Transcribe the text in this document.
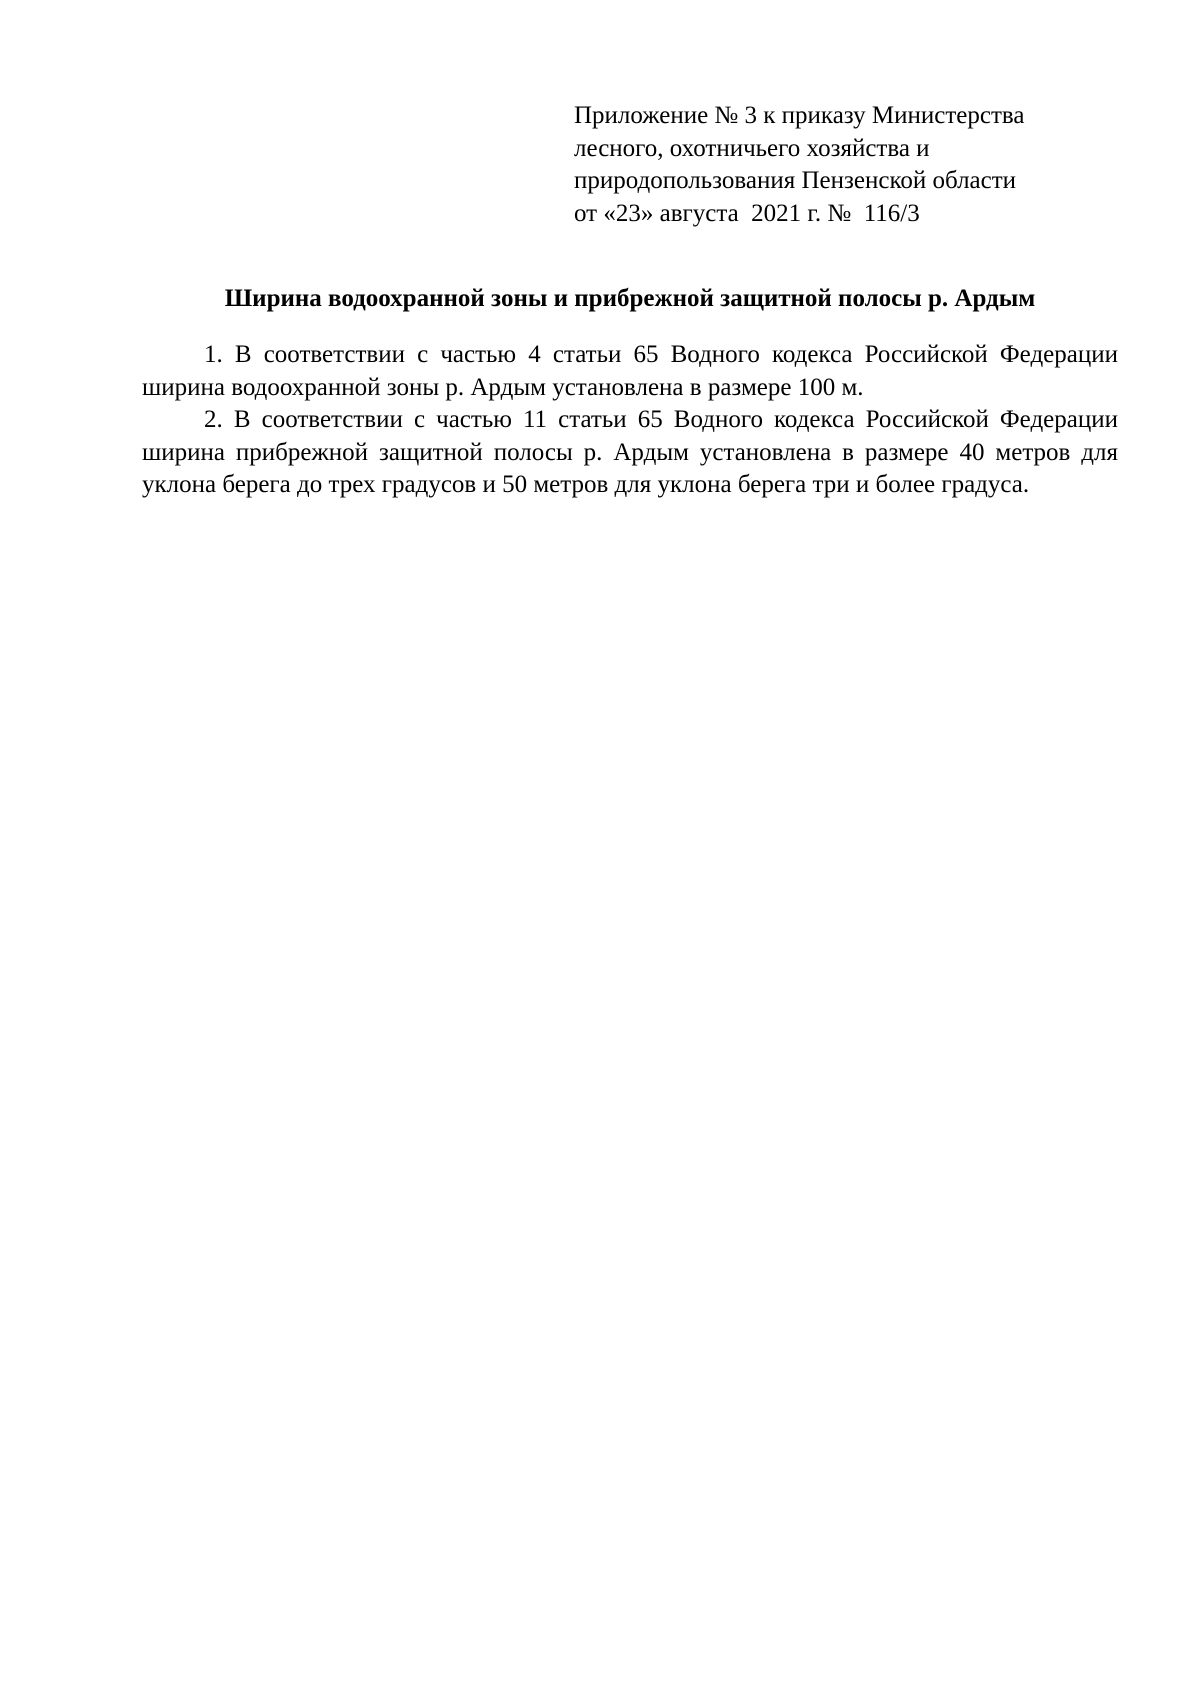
Приложение № 3 к приказу Министерства
лесного, охотничьего хозяйства и
природопользования Пензенской области
от «23» августа  2021 г. №  116/3
Ширина водоохранной зоны и прибрежной защитной полосы р. Ардым

1. В соответствии с частью 4 статьи 65 Водного кодекса Российской Федерации ширина водоохранной зоны р. Ардым установлена в размере 100 м.

2. В соответствии с частью 11 статьи 65 Водного кодекса Российской Федерации ширина прибрежной защитной полосы р. Ардым установлена в размере 40 метров для уклона берега до трех градусов и 50 метров для уклона берега три и более градуса.
